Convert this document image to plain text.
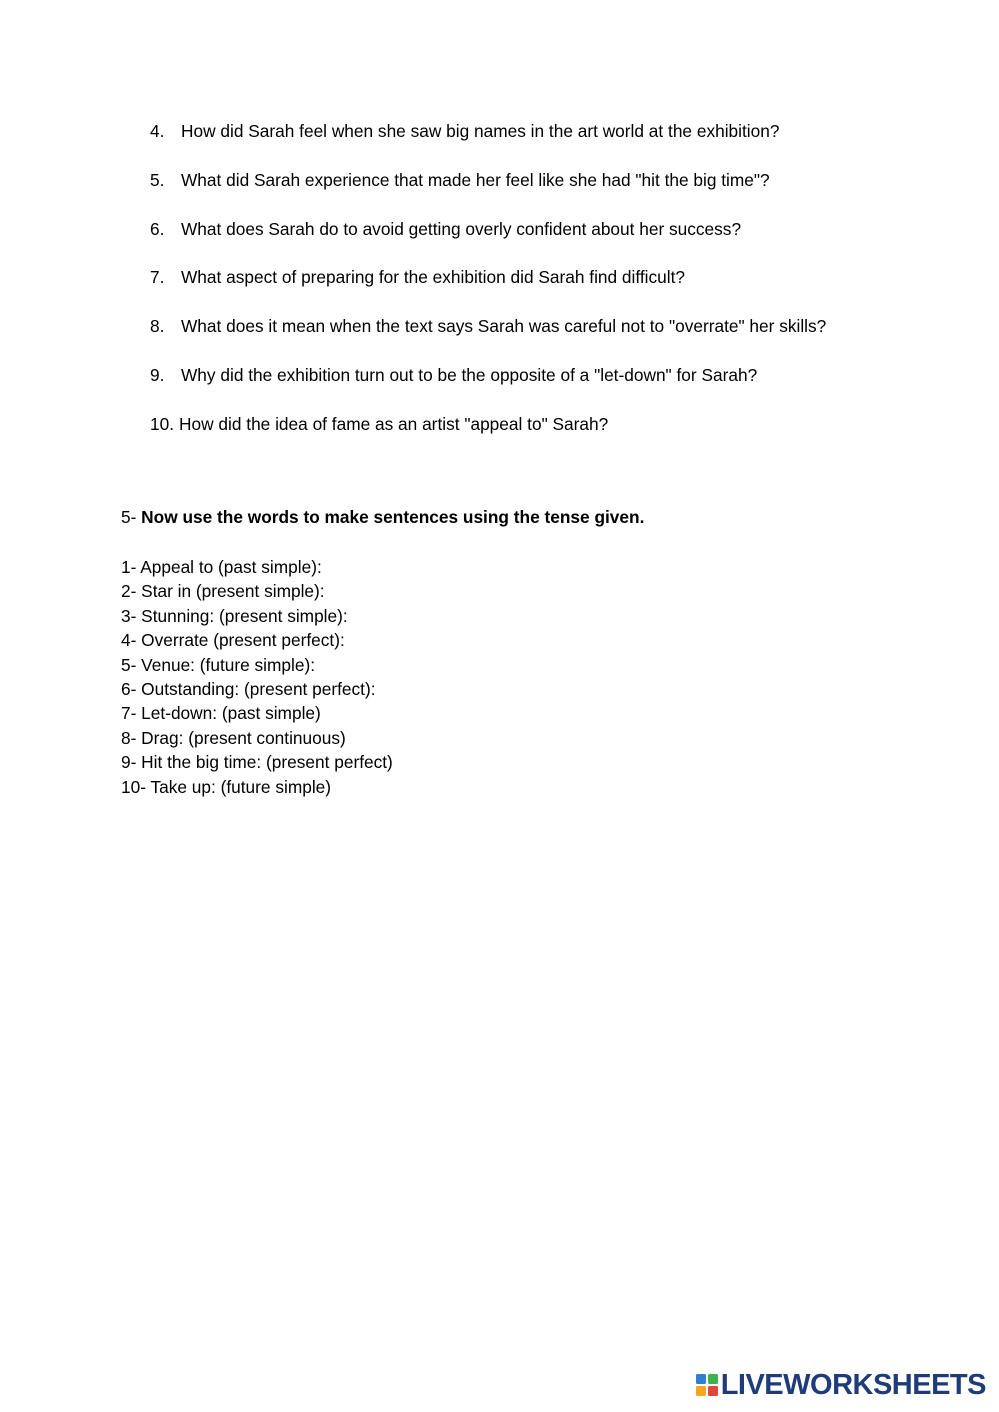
4. How did Sarah feel when she saw big names in the art world at the exhibition?
5. What did Sarah experience that made her feel like she had "hit the big time"?
6. What does Sarah do to avoid getting overly confident about her success?
7. What aspect of preparing for the exhibition did Sarah find difficult?
8. What does it mean when the text says Sarah was careful not to "overrate" her skills?
9. Why did the exhibition turn out to be the opposite of a "let-down" for Sarah?
10. How did the idea of fame as an artist "appeal to" Sarah?

5- Now use the words to make sentences using the tense given.

1- Appeal to (past simple):
2- Star in (present simple):
3- Stunning: (present simple):
4- Overrate (present perfect):
5- Venue: (future simple):
6- Outstanding: (present perfect):
7- Let-down: (past simple)
8- Drag: (present continuous)
9- Hit the big time: (present perfect)
10- Take up: (future simple)
LIVEWORKSHEETS
